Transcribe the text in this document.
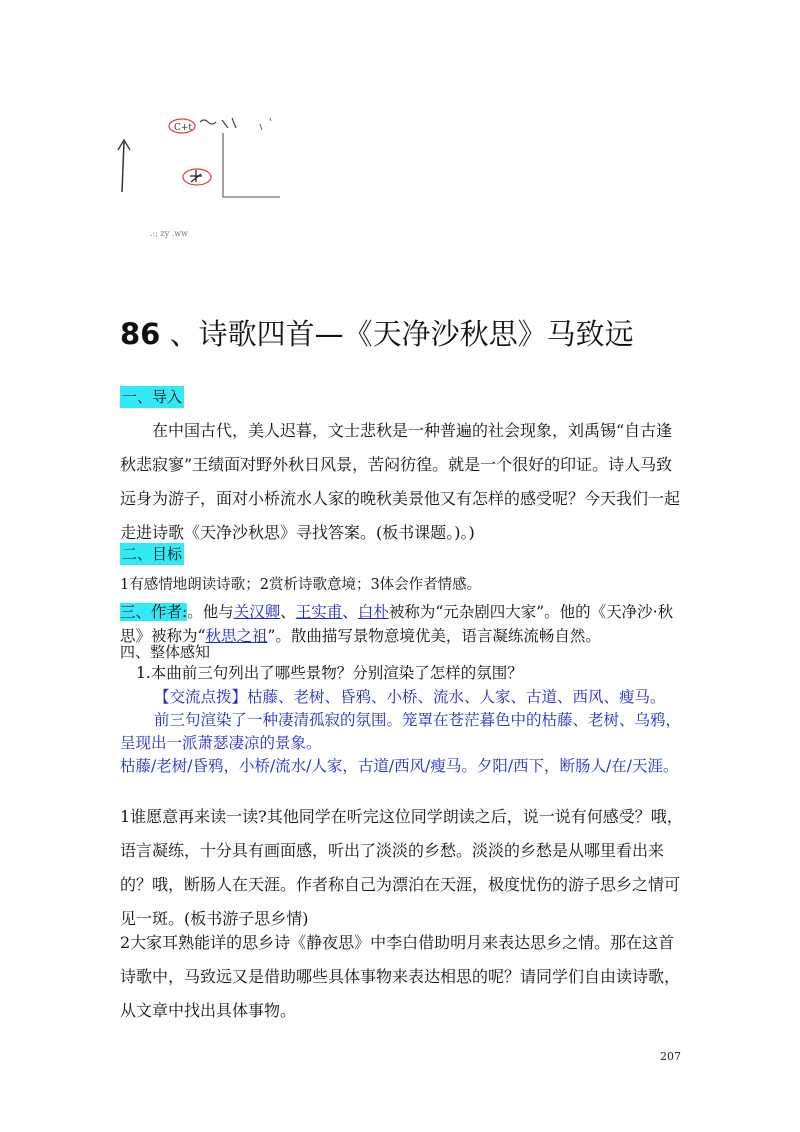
C+t
.:; zy .ww
86 、诗歌四首—《天净沙秋思》马致远
一、导入

在中国古代，美人迟暮，文士悲秋是一种普遍的社会现象，刘禹锡“自古逢秋悲寂寥”王绩面对野外秋日风景，苦闷彷徨。就是一个很好的印证。诗人马致远身为游子，面对小桥流水人家的晚秋美景他又有怎样的感受呢？今天我们一起走进诗歌《天净沙秋思》寻找答案。(板书课题。)。)

二、目标

1有感情地朗读诗歌；2赏析诗歌意境；3体会作者情感。

三、作者:。他与关汉卿、王实甫、白朴被称为“元杂剧四大家”。他的《天净沙·秋思》被称为“秋思之祖”。散曲描写景物意境优美，语言凝练流畅自然。

四、整体感知

1.本曲前三句列出了哪些景物？分别渲染了怎样的氛围？

【交流点拨】枯藤、老树、昏鸦、小桥、流水、人家、古道、西风、瘦马。
前三句渲染了一种凄清孤寂的氛围。笼罩在苍茫暮色中的枯藤、老树、乌鸦，呈现出一派萧瑟凄凉的景象。
枯藤/老树/昏鸦，小桥/流水/人家，古道/西风/瘦马。夕阳/西下，断肠人/在/天涯。

1谁愿意再来读一读?其他同学在听完这位同学朗读之后，说一说有何感受？哦，语言凝练，十分具有画面感，听出了淡淡的乡愁。淡淡的乡愁是从哪里看出来的？哦，断肠人在天涯。作者称自己为漂泊在天涯，极度忧伤的游子思乡之情可见一斑。(板书游子思乡情)

2大家耳熟能详的思乡诗《静夜思》中李白借助明月来表达思乡之情。那在这首诗歌中，马致远又是借助哪些具体事物来表达相思的呢？请同学们自由读诗歌，从文章中找出具体事物。

207
